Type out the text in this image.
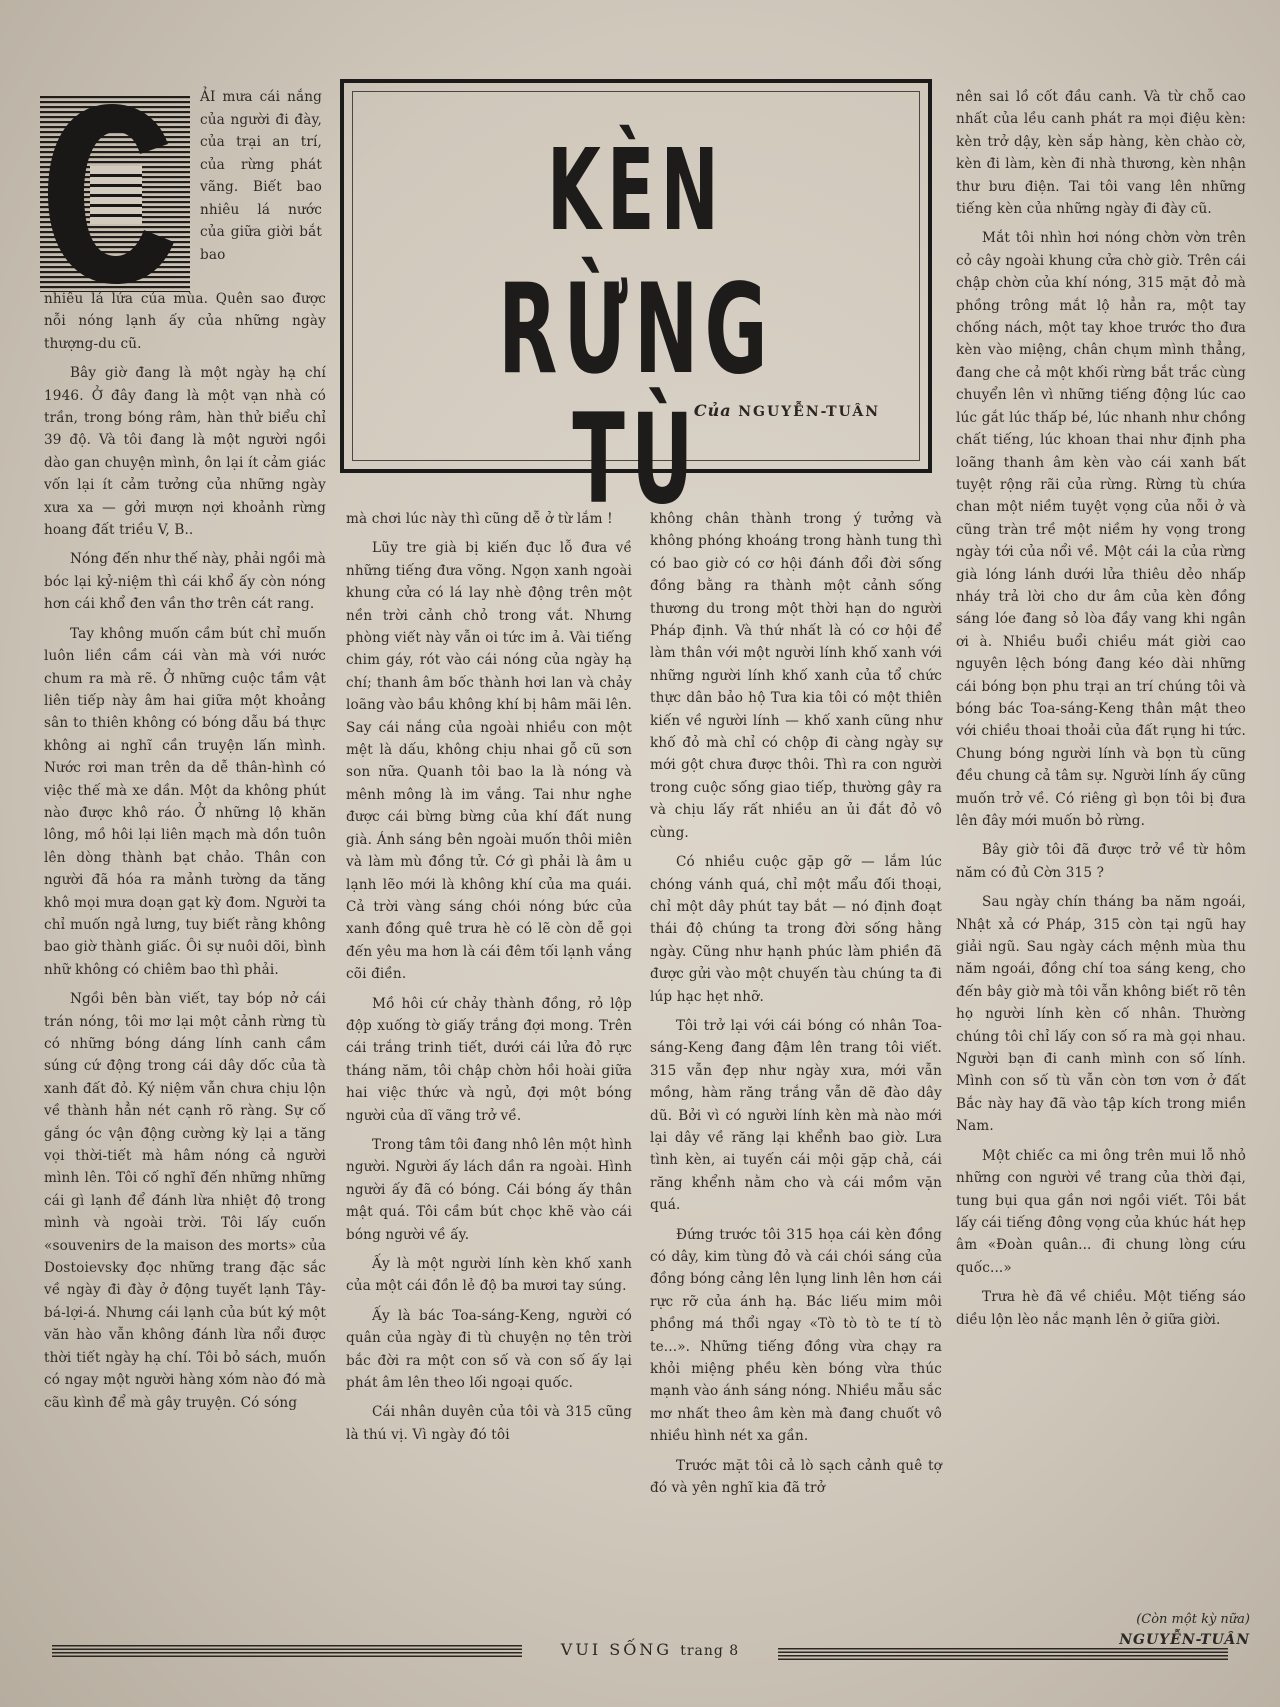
ẢI mưa cái nắng của người đi đày, của trại an trí, của rừng phát vãng. Biết bao nhiêu lá nước của giữa giời bắt bao	KÈN
RỪNG TÙ
Của NGUYỄN-TUÂN

nhiêu lá lửa của mùa. Quên sao được nỗi nóng lạnh ấy của những ngày thượng-du cũ.

Bây giờ đang là một ngày hạ chí 1946. Ở đây đang là một vạn nhà có trần, trong bóng râm, hàn thử biểu chỉ 39 độ. Và tôi đang là một người ngồi dào gan chuyện mình, ôn lại ít cảm giác vốn lại ít cảm tưởng của những ngày xưa xa — gởi mượn nợi khoảnh rừng hoang đất triều V, B..

Nóng đến như thế này, phải ngồi mà bóc lại kỷ-niệm thì cái khổ ấy còn nóng hơn cái khổ đen vần thơ trên cát rang.

Tay không muốn cầm bút chỉ muốn luôn liền cầm cái vàn mà với nước chum ra mà rẽ. Ở những cuộc tầm vật liên tiếp này âm hai giữa một khoảng sân to thiên không có bóng dẫu bá thực không ai nghĩ cần truyện lấn mình. Nước rơi man trên da dễ thân-hình có việc thế mà xe dần. Một da không phút nào được khô ráo. Ở những lộ khăn lông, mồ hôi lại liên mạch mà dồn tuôn lên dòng thành bạt chảo. Thân con người đã hóa ra mảnh tường da tăng khô mọi mưa doạn gạt kỳ đom. Người ta chỉ muốn ngả lưng, tuy biết rằng không bao giờ thành giấc. Ôi sự nuôi dõi, bình nhữ không có chiêm bao thì phải.

Ngồi bên bàn viết, tay bóp nở cái trán nóng, tôi mơ lại một cảnh rừng tù có những bóng dáng lính canh cầm súng cứ động trong cái dây dốc của tà xanh đất đỏ. Ký niệm vẫn chưa chịu lộn về thành hẳn nét cạnh rõ ràng. Sự cố gắng óc vận động cường kỳ lại a tăng vọi thời-tiết mà hâm nóng cả người mình lên. Tôi cố nghĩ đến những những cái gì lạnh để đánh lừa nhiệt độ trong mình và ngoài trời. Tôi lấy cuốn «souvenirs de la maison des morts» của Dostoievsky đọc những trang đặc sắc về ngày đi đày ở động tuyết lạnh Tây-bá-lợi-á. Nhưng cái lạnh của bút ký một văn hào vẫn không đánh lừa nổi được thời tiết ngày hạ chí. Tôi bỏ sách, muốn có ngay một người hàng xóm nào đó mà cãu kình để mà gây truyện. Có sóng

mà chơi lúc này thì cũng dễ ở từ lắm !

Lũy tre già bị kiến đục lỗ đưa về những tiếng đưa võng. Ngọn xanh ngoài khung cửa có lá lay nhè động trên một nền trời cảnh chỏ trong vắt. Nhưng phòng viết này vẫn oi tức im ả. Vài tiếng chim gáy, rót vào cái nóng của ngày hạ chí; thanh âm bốc thành hơi lan và chảy loãng vào bầu không khí bị hâm mãi lên. Say cái nắng của ngoài nhiều con một mệt là dấu, không chịu nhai gỗ cũ sơn son nữa. Quanh tôi bao la là nóng và mênh mông là im vắng. Tai như nghe được cái bừng bừng của khí đất nung già. Ánh sáng bên ngoài muốn thôi miên và làm mù đồng tử. Cớ gì phải là âm u lạnh lẽo mới là không khí của ma quái. Cả trời vàng sáng chói nóng bức của xanh đồng quê trưa hè có lẽ còn dễ gọi đến yêu ma hơn là cái đêm tối lạnh vắng cõi điền.

Mồ hôi cứ chảy thành đồng, rỏ lộp độp xuống tờ giấy trắng đợi mong. Trên cái trắng trinh tiết, dưới cái lửa đỏ rực tháng năm, tôi chập chờn hồi hoài giữa hai việc thức và ngủ, đợi một bóng người của dĩ vãng trở về.

Trong tâm tôi đang nhô lên một hình người. Người ấy lách dần ra ngoài. Hình người ấy đã có bóng. Cái bóng ấy thân mật quá. Tôi cầm bút chọc khẽ vào cái bóng người về ấy.

Ấy là một người lính kèn khố xanh của một cái đồn lẻ độ ba mươi tay súng.

Ấy là bác Toa-sáng-Keng, người có quân của ngày đi tù chuyện nọ tên trời bắc đời ra một con số và con số ấy lại phát âm lên theo lối ngoại quốc.

Cái nhân duyên của tôi và 315 cũng là thú vị. Vì ngày đó tôi

không chân thành trong ý tưởng và không phóng khoáng trong hành tung thì có bao giờ có cơ hội đánh đổi đời sống đồng bằng ra thành một cảnh sống thương du trong một thời hạn do người Pháp định. Và thứ nhất là có cơ hội để làm thân với một người lính khố xanh với những người lính khố xanh của tổ chức thực dân bảo hộ Tưa kia tôi có một thiên kiến về người lính — khố xanh cũng như khố đỏ mà chỉ có chộp đi càng ngày sự mới gột chưa được thôi. Thì ra con người trong cuộc sống giao tiếp, thường gây ra và chịu lấy rất nhiều an ủi đắt đỏ vô cùng.

Có nhiều cuộc gặp gỡ — lắm lúc chóng vánh quá, chỉ một mẩu đối thoại, chỉ một dây phút tay bắt — nó định đoạt thái độ chúng ta trong đời sống hằng ngày. Cũng như hạnh phúc làm phiền đã được gửi vào một chuyến tàu chúng ta đi lúp hạc hẹt nhỡ.

Tôi trở lại với cái bóng có nhân Toa-sáng-Keng đang đậm lên trang tôi viết. 315 vẫn đẹp như ngày xưa, mới vẫn mồng, hàm răng trắng vẫn dẽ đào dây dũ. Bởi vì có người lính kèn mà nào mới lại dây về răng lại khểnh bao giờ. Lưa tình kèn, ai tuyến cái mội gặp chả, cái răng khểnh nằm cho và cái mồm vặn quá.

Đứng trước tôi 315 họa cái kèn đồng có dây, kim tùng đỏ và cái chói sáng của đồng bóng cảng lên lụng linh lên hơn cái rực rỡ của ánh hạ. Bác liếu mim môi phồng má thổi ngay «Tò tò tò te tí tò te...». Những tiếng đồng vừa chạy ra khỏi miệng phều kèn bóng vừa thúc mạnh vào ánh sáng nóng. Nhiều mẫu sắc mơ nhất theo âm kèn mà đang chuốt vô nhiều hình nét xa gần.

Trước mặt tôi cả lò sạch cảnh quê tợ đó và yên nghĩ kia đã trở

nên sai lồ cốt đầu canh. Và từ chỗ cao nhất của lều canh phát ra mọi điệu kèn: kèn trở dậy, kèn sắp hàng, kèn chào cờ, kèn đi làm, kèn đi nhà thương, kèn nhận thư bưu điện. Tai tôi vang lên những tiếng kèn của những ngày đi đày cũ.

Mắt tôi nhìn hơi nóng chờn vờn trên cỏ cây ngoài khung cửa chờ giờ. Trên cái chập chờn của khí nóng, 315 mặt đỏ mà phồng trông mắt lộ hẳn ra, một tay chống nách, một tay khoe trước tho đưa kèn vào miệng, chân chụm mình thẳng, đang che cả một khối rừng bắt trắc cùng chuyển lên vì những tiếng động lúc cao lúc gắt lúc thấp bé, lúc nhanh như chồng chất tiếng, lúc khoan thai như định pha loãng thanh âm kèn vào cái xanh bất tuyệt rộng rãi của rừng. Rừng tù chứa chan một niềm tuyệt vọng của nỗi ở và cũng tràn trề một niềm hy vọng trong ngày tới của nổi về. Một cái la của rừng già lóng lánh dưới lửa thiêu dẻo nhấp nháy trả lời cho dư âm của kèn đồng sáng lóe đang sỏ lòa đầy vang khi ngân ơi à. Nhiều buổi chiều mát giời cao nguyên lệch bóng đang kéo dài những cái bóng bọn phu trại an trí chúng tôi và bóng bác Toa-sáng-Keng thân mật theo với chiều thoai thoải của đất rụng hi tức. Chung bóng người lính và bọn tù cũng đều chung cả tâm sự. Người lính ấy cũng muốn trở về. Có riêng gì bọn tôi bị đưa lên đây mới muốn bỏ rừng.

Bây giờ tôi đã được trở về từ hôm năm có đủ Cờn 315 ?

Sau ngày chín tháng ba năm ngoái, Nhật xả cớ Pháp, 315 còn tại ngũ hay giải ngũ. Sau ngày cách mệnh mùa thu năm ngoái, đồng chí toa sáng keng, cho đến bây giờ mà tôi vẫn không biết rõ tên họ người lính kèn cố nhân. Thường chúng tôi chỉ lấy con số ra mà gọi nhau. Người bạn đi canh mình con số lính. Mình con số tù vẫn còn tơn vơn ở đất Bắc này hay đã vào tập kích trong miền Nam.

Một chiếc ca mi ông trên mui lỗ nhỏ những con người về trang của thời đại, tung bụi qua gần nơi ngồi viết. Tôi bắt lấy cái tiếng đông vọng của khúc hát hẹp âm «Đoàn quân... đi chung lòng cứu quốc...»

Trưa hè đã về chiều. Một tiếng sáo diều lộn lèo nắc mạnh lên ở giữa giời.

(Còn một kỳ nữa)
NGUYỄN-TUÂN
VUI SỐNG trang 8
